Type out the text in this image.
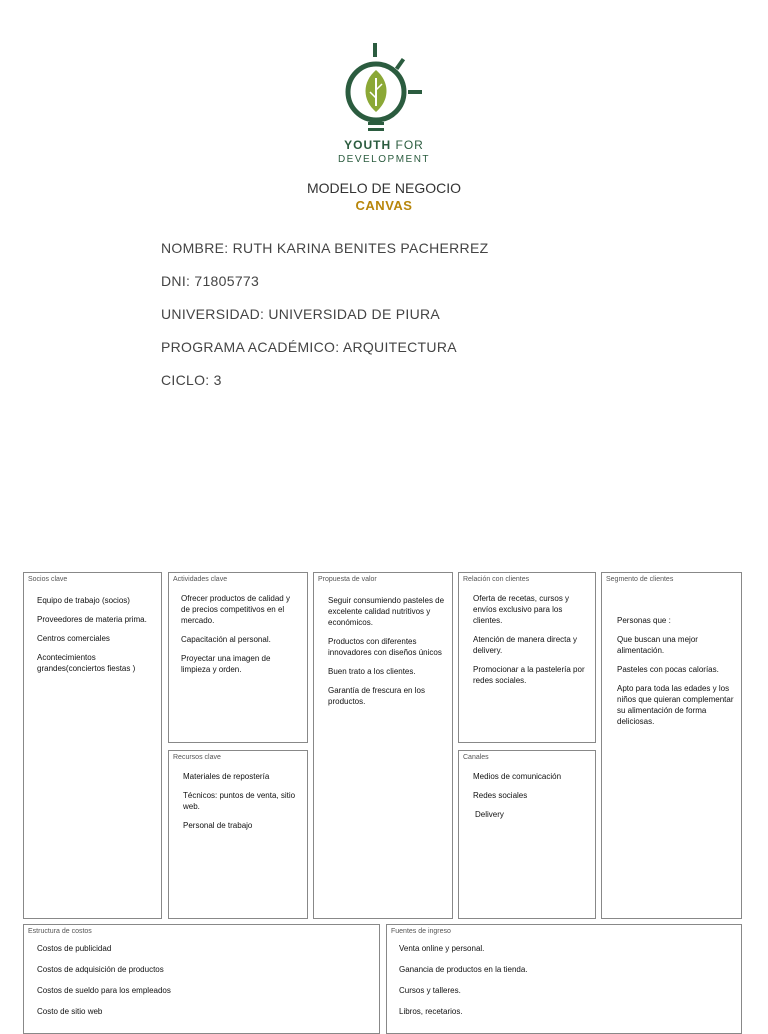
YOUTH FOR
DEVELOPMENT
MODELO DE NEGOCIO
CANVAS
NOMBRE: RUTH KARINA BENITES PACHERREZ
DNI: 71805773
UNIVERSIDAD: UNIVERSIDAD DE PIURA
PROGRAMA ACADÉMICO: ARQUITECTURA
CICLO: 3
Socios clave
Equipo de trabajo (socios)
Proveedores de materia prima.
Centros comerciales
Acontecimientos grandes(conciertos fiestas )
Actividades clave
Ofrecer productos de calidad y de precios competitivos en el mercado.
Capacitación al personal.
Proyectar una imagen de limpieza y orden.
Recursos clave
Materiales de repostería
Técnicos: puntos de venta, sitio web.
Personal de trabajo
Propuesta de valor
Seguir consumiendo pasteles de excelente calidad nutritivos y económicos.
Productos con diferentes innovadores con diseños únicos
Buen trato a los clientes.
Garantía de frescura en los productos.
Relación con clientes
Oferta de recetas, cursos y envíos exclusivo para los clientes.
Atención de manera directa y delivery.
Promocionar a la pastelería por redes sociales.
Canales
Medios de comunicación
Redes sociales
Delivery
Segmento de clientes
Personas que :
Que buscan una mejor alimentación.
Pasteles con pocas calorías.
Apto para toda las edades y los niños que quieran complementar su alimentación de forma deliciosas.
Estructura de costos
Costos de publicidad
Costos de adquisición de productos
Costos de sueldo para los empleados
Costo de sitio web
Fuentes de ingreso
Venta online y personal.
Ganancia de productos en la tienda.
Cursos y talleres.
Libros, recetarios.
